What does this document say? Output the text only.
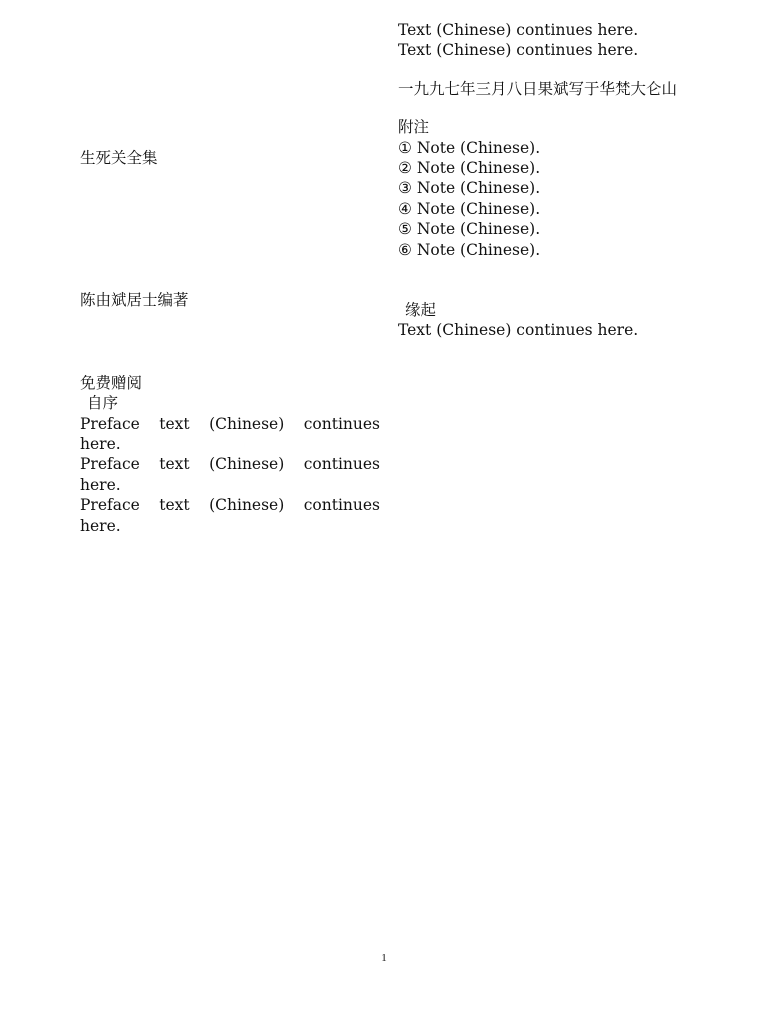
生死关全集

陈由斌居士编著

免费赠阅

自序

Preface text (Chinese) continues here.

Preface text (Chinese) continues here.

Preface text (Chinese) continues here.

Text (Chinese) continues here.

Text (Chinese) continues here.

一九九七年三月八日果斌写于华梵大仑山

附注

① Note (Chinese).

② Note (Chinese).

③ Note (Chinese).

④ Note (Chinese).

⑤ Note (Chinese).

⑥ Note (Chinese).

缘起

Text (Chinese) continues here.

1
